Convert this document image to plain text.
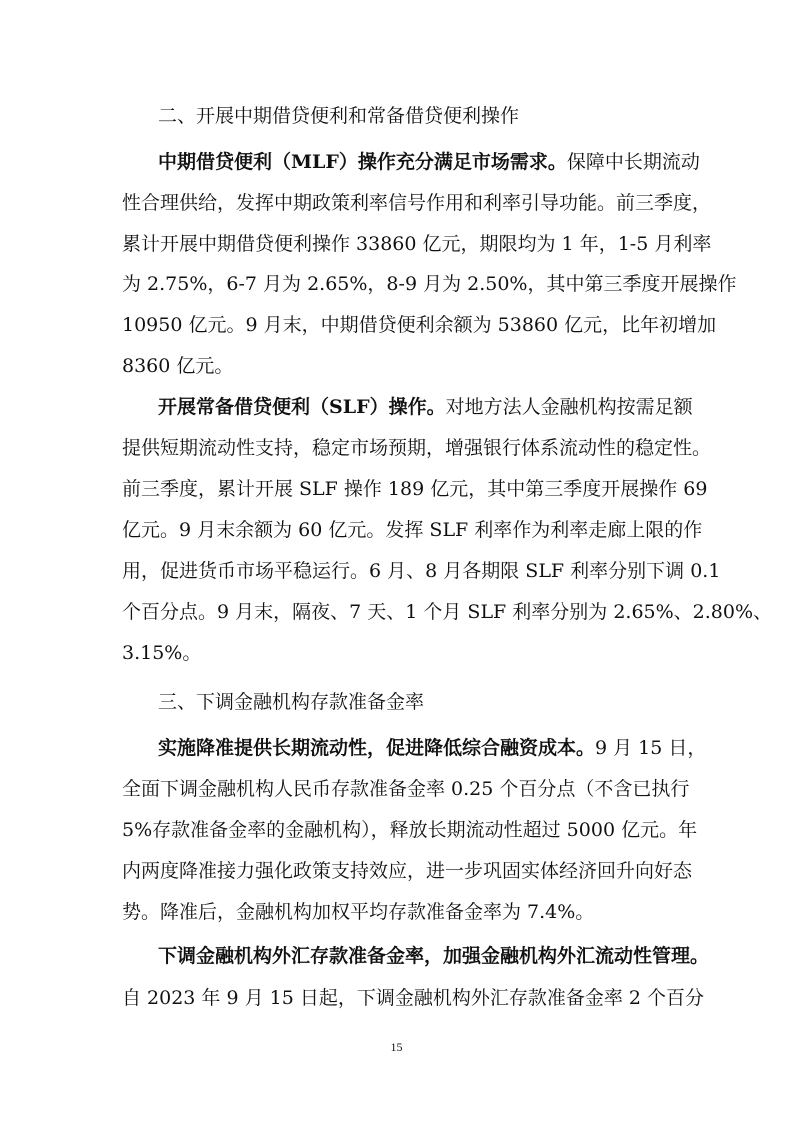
二、开展中期借贷便利和常备借贷便利操作
中期借贷便利（MLF）操作充分满足市场需求。保障中长期流动
性合理供给，发挥中期政策利率信号作用和利率引导功能。前三季度，
累计开展中期借贷便利操作 33860 亿元，期限均为 1 年，1-5 月利率
为 2.75%，6-7 月为 2.65%，8-9 月为 2.50%，其中第三季度开展操作
10950 亿元。9 月末，中期借贷便利余额为 53860 亿元，比年初增加
8360 亿元。
开展常备借贷便利（SLF）操作。对地方法人金融机构按需足额
提供短期流动性支持，稳定市场预期，增强银行体系流动性的稳定性。
前三季度，累计开展 SLF 操作 189 亿元，其中第三季度开展操作 69
亿元。9 月末余额为 60 亿元。发挥 SLF 利率作为利率走廊上限的作
用，促进货币市场平稳运行。6 月、8 月各期限 SLF 利率分别下调 0.1
个百分点。9 月末，隔夜、7 天、1 个月 SLF 利率分别为 2.65%、2.80%、
3.15%。
三、下调金融机构存款准备金率
实施降准提供长期流动性，促进降低综合融资成本。9 月 15 日，
全面下调金融机构人民币存款准备金率 0.25 个百分点（不含已执行
5%存款准备金率的金融机构），释放长期流动性超过 5000 亿元。年
内两度降准接力强化政策支持效应，进一步巩固实体经济回升向好态
势。降准后，金融机构加权平均存款准备金率为 7.4%。
下调金融机构外汇存款准备金率，加强金融机构外汇流动性管理。
自 2023 年 9 月 15 日起，下调金融机构外汇存款准备金率 2 个百分
15
